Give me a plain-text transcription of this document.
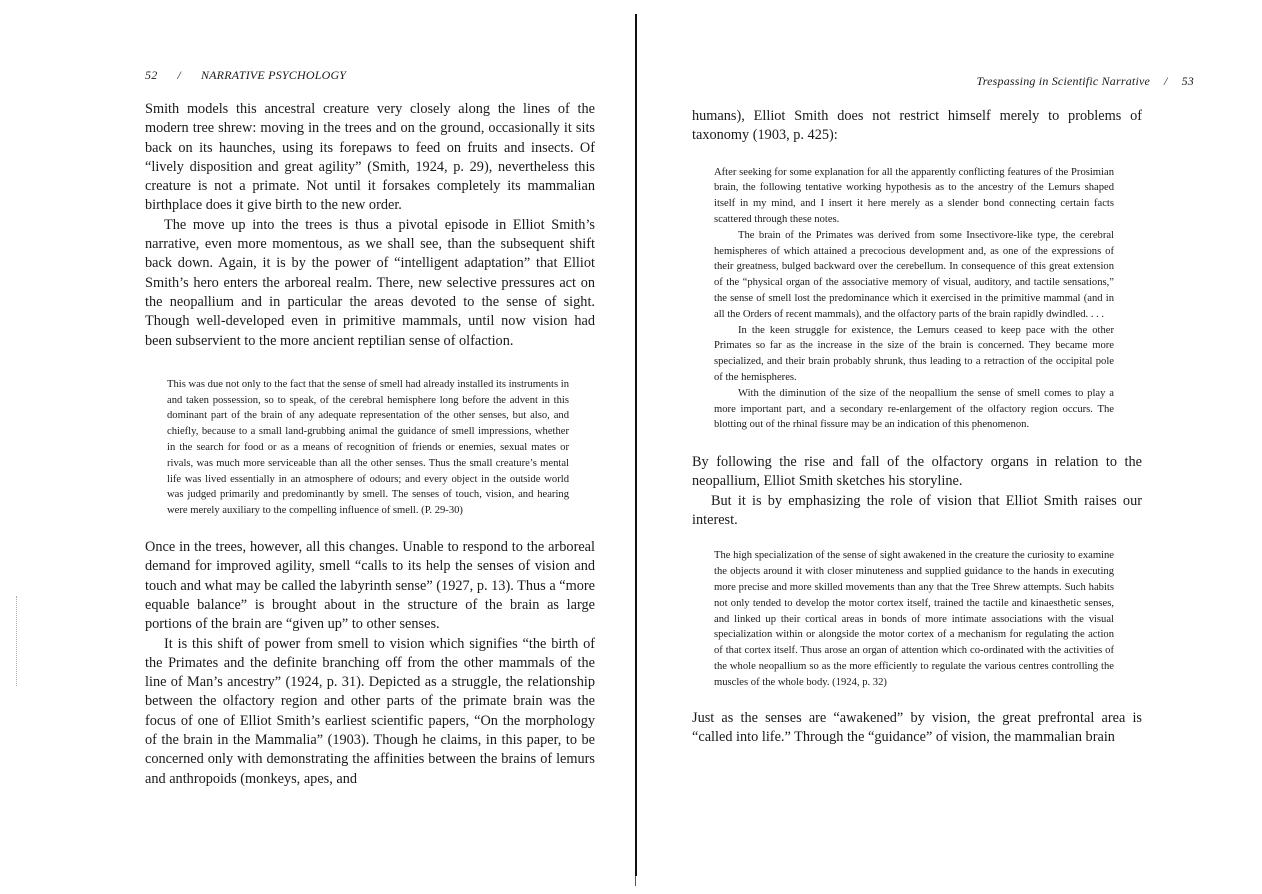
52 / NARRATIVE PSYCHOLOGY

Smith models this ancestral creature very closely along the lines of the modern tree shrew: moving in the trees and on the ground, occasionally it sits back on its haunches, using its forepaws to feed on fruits and insects. Of “lively disposition and great agility” (Smith, 1924, p. 29), nevertheless this creature is not a primate. Not until it forsakes completely its mammalian birthplace does it give birth to the new order.

The move up into the trees is thus a pivotal episode in Elliot Smith’s narrative, even more momentous, as we shall see, than the subsequent shift back down. Again, it is by the power of “intelligent adaptation” that Elliot Smith’s hero enters the arboreal realm. There, new selective pressures act on the neopallium and in particular the areas devoted to the sense of sight. Though well-developed even in primitive mammals, until now vision had been subservient to the more ancient reptilian sense of olfaction.

This was due not only to the fact that the sense of smell had already installed its instruments in and taken possession, so to speak, of the cerebral hemisphere long before the advent in this dominant part of the brain of any adequate representation of the other senses, but also, and chiefly, because to a small land-grubbing animal the guidance of smell impressions, whether in the search for food or as a means of recognition of friends or enemies, sexual mates or rivals, was much more serviceable than all the other senses. Thus the small creature’s mental life was lived essentially in an atmosphere of odours; and every object in the outside world was judged primarily and predominantly by smell. The senses of touch, vision, and hearing were merely auxiliary to the compelling influence of smell. (P. 29-30)

Once in the trees, however, all this changes. Unable to respond to the arboreal demand for improved agility, smell “calls to its help the senses of vision and touch and what may be called the labyrinth sense” (1927, p. 13). Thus a “more equable balance” is brought about in the structure of the brain as large portions of the brain are “given up” to other senses.

It is this shift of power from smell to vision which signifies “the birth of the Primates and the definite branching off from the other mammals of the line of Man’s ancestry” (1924, p. 31). Depicted as a struggle, the relationship between the olfactory region and other parts of the primate brain was the focus of one of Elliot Smith’s earliest scientific papers, “On the morphology of the brain in the Mammalia” (1903). Though he claims, in this paper, to be concerned only with demonstrating the affinities between the brains of lemurs and anthropoids (monkeys, apes, and

Trespassing in Scientific Narrative / 53

humans), Elliot Smith does not restrict himself merely to problems of taxonomy (1903, p. 425):

After seeking for some explanation for all the apparently conflicting features of the Prosimian brain, the following tentative working hypothesis as to the ancestry of the Lemurs shaped itself in my mind, and I insert it here merely as a slender bond connecting certain facts scattered through these notes.

The brain of the Primates was derived from some Insectivore-like type, the cerebral hemispheres of which attained a precocious development and, as one of the expressions of their greatness, bulged backward over the cerebellum. In consequence of this great extension of the “physical organ of the associative memory of visual, auditory, and tactile sensations,” the sense of smell lost the predominance which it exercised in the primitive mammal (and in all the Orders of recent mammals), and the olfactory parts of the brain rapidly dwindled. . . .

In the keen struggle for existence, the Lemurs ceased to keep pace with the other Primates so far as the increase in the size of the brain is concerned. They became more specialized, and their brain probably shrunk, thus leading to a retraction of the occipital pole of the hemispheres.

With the diminution of the size of the neopallium the sense of smell comes to play a more important part, and a secondary re-enlargement of the olfactory region occurs. The blotting out of the rhinal fissure may be an indication of this phenomenon.

By following the rise and fall of the olfactory organs in relation to the neopallium, Elliot Smith sketches his storyline.

But it is by emphasizing the role of vision that Elliot Smith raises our interest.

The high specialization of the sense of sight awakened in the creature the curiosity to examine the objects around it with closer minuteness and supplied guidance to the hands in executing more precise and more skilled movements than any that the Tree Shrew attempts. Such habits not only tended to develop the motor cortex itself, trained the tactile and kinaesthetic senses, and linked up their cortical areas in bonds of more intimate associations with the visual specialization within or alongside the motor cortex of a mechanism for regulating the action of that cortex itself. Thus arose an organ of attention which co-ordinated with the activities of the whole neopallium so as the more efficiently to regulate the various centres controlling the muscles of the whole body. (1924, p. 32)

Just as the senses are “awakened” by vision, the great prefrontal area is “called into life.” Through the “guidance” of vision, the mammalian brain
